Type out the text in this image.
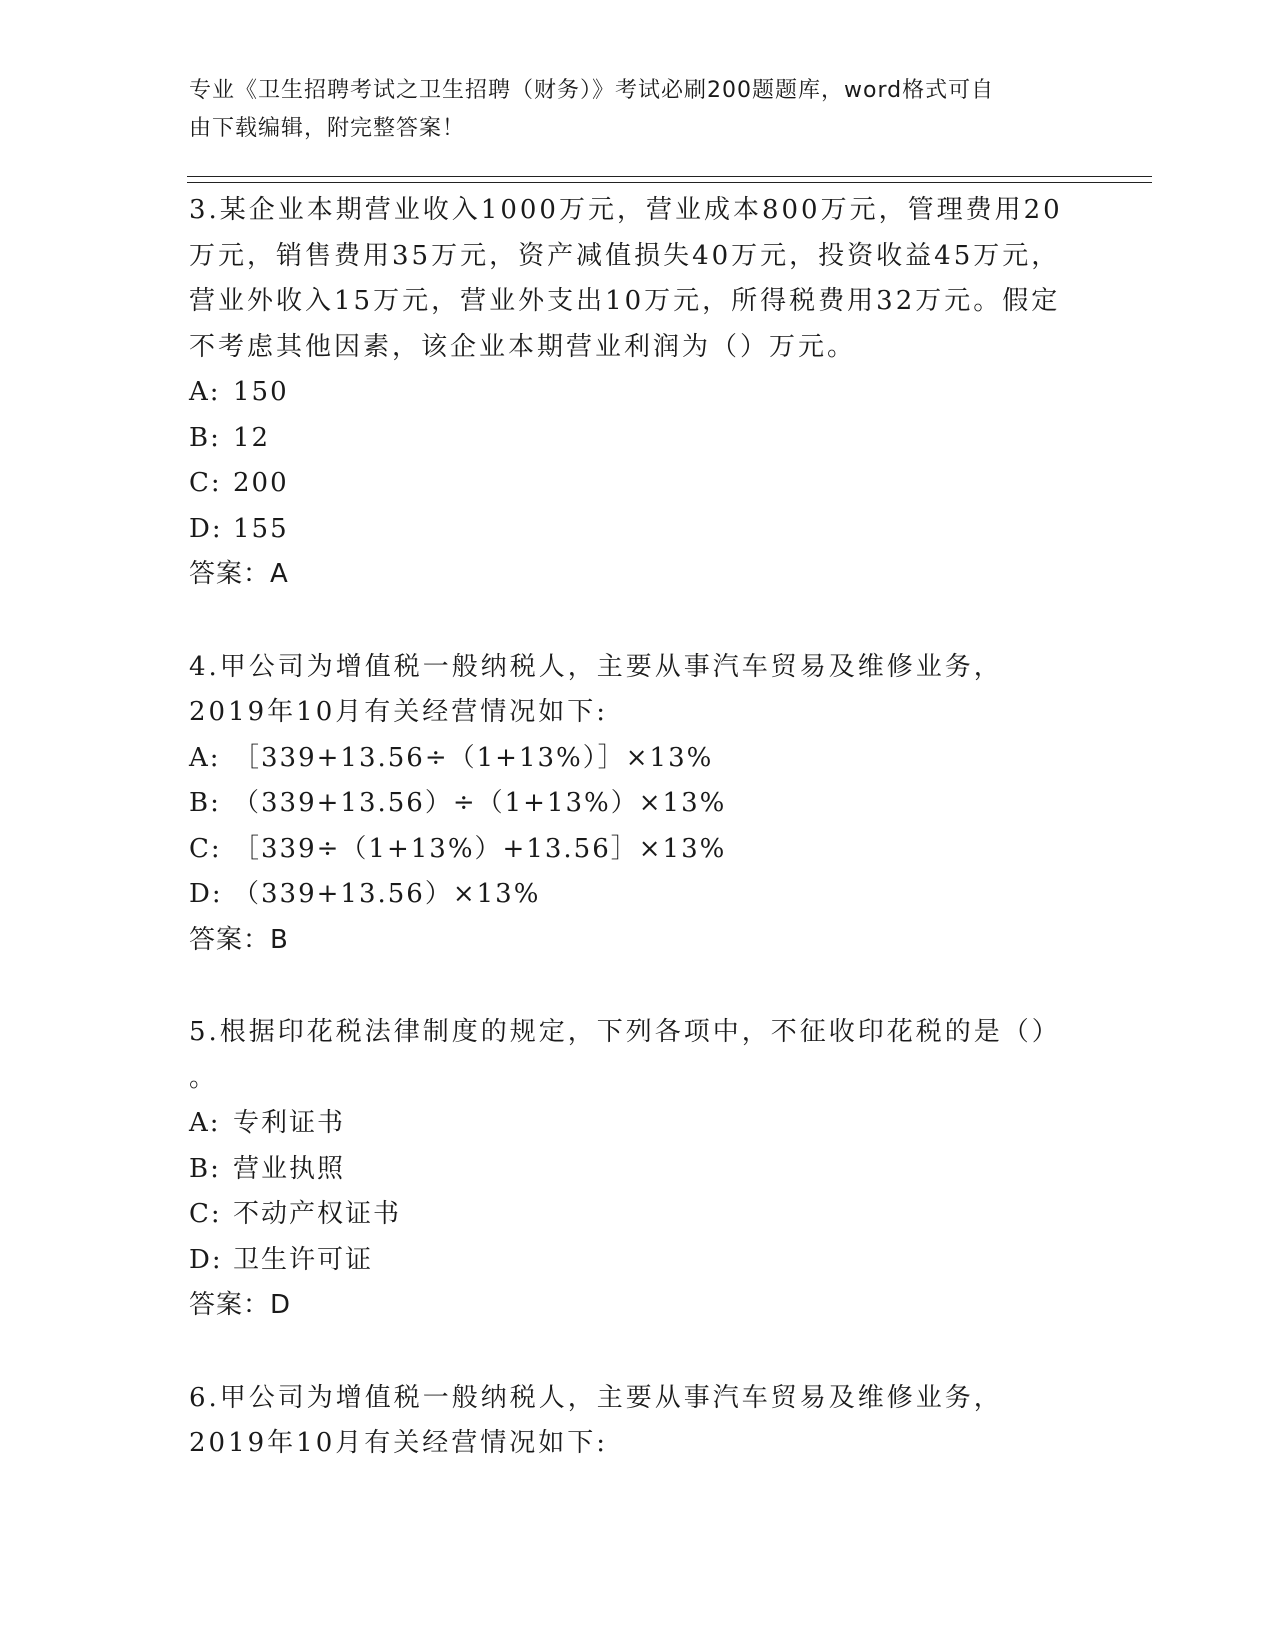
专业《卫生招聘考试之卫生招聘（财务）》考试必刷200题题库，word格式可自
由下载编辑，附完整答案！

3.某企业本期营业收入1000万元，营业成本800万元，管理费用20万元，销售费用35万元，资产减值损失40万元，投资收益45万元，营业外收入15万元，营业外支出10万元，所得税费用32万元。假定不考虑其他因素，该企业本期营业利润为（）万元。

A: 150

B: 12

C: 200

D: 155

答案：A

4.甲公司为增值税一般纳税人，主要从事汽车贸易及维修业务，2019年10月有关经营情况如下:

A: ［339+13.56÷（1+13%）］×13%

B: （339+13.56）÷（1+13%）×13%

C: ［339÷（1+13%）+13.56］×13%

D: （339+13.56）×13%

答案：B

5.根据印花税法律制度的规定，下列各项中，不征收印花税的是（）
。

A: 专利证书

B: 营业执照

C: 不动产权证书

D: 卫生许可证

答案：D

6.甲公司为增值税一般纳税人，主要从事汽车贸易及维修业务，2019年10月有关经营情况如下:
